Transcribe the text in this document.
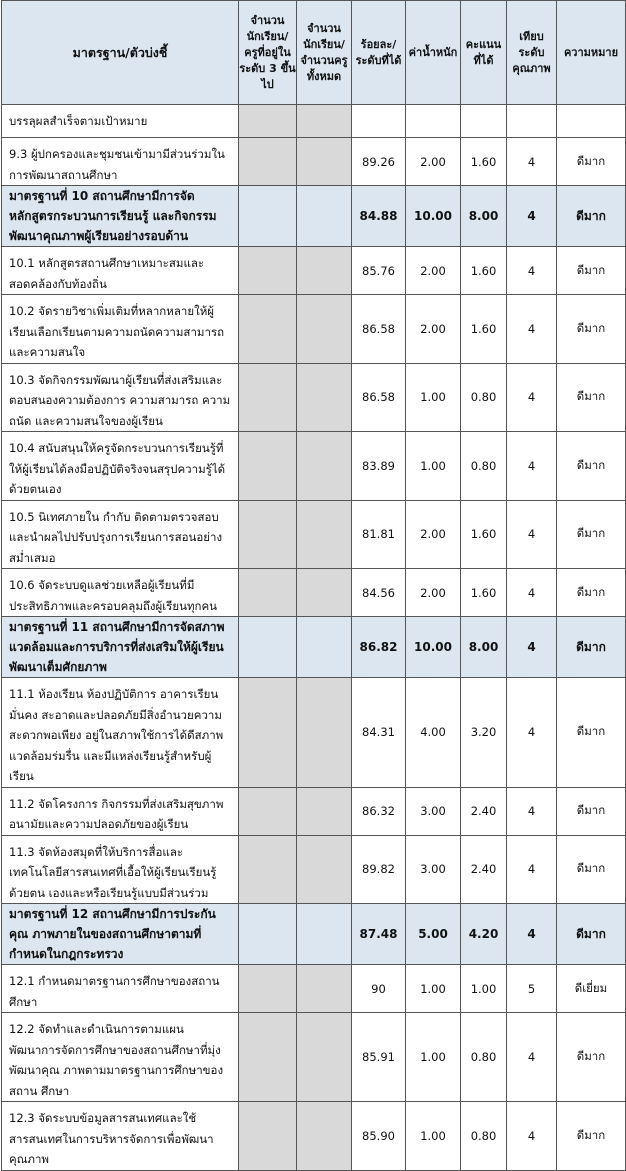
มาตรฐาน/ตัวบ่งชี้	จำนวน นักเรียน/ ครูที่อยู่ใน ระดับ 3 ขึ้นไป	จำนวน นักเรียน/ จำนวนครู ทั้งหมด	ร้อยละ/ ระดับที่ได้	ค่าน้ำหนัก	คะแนน ที่ได้	เทียบ ระดับ คุณภาพ	ความหมาย
บรรลุผลสำเร็จตามเป้าหมาย							
9.3 ผู้ปกครองและชุมชนเข้ามามีส่วนร่วมในการพัฒนาสถานศึกษา			89.26	2.00	1.60	4	ดีมาก
มาตรฐานที่ 10 สถานศึกษามีการจัดหลักสูตรกระบวนการเรียนรู้ และกิจกรรมพัฒนาคุณภาพผู้เรียนอย่างรอบด้าน			84.88	10.00	8.00	4	ดีมาก
10.1 หลักสูตรสถานศึกษาเหมาะสมและสอดคล้องกับท้องถิ่น			85.76	2.00	1.60	4	ดีมาก
10.2 จัดรายวิชาเพิ่มเติมที่หลากหลายให้ผู้เรียนเลือกเรียนตามความถนัดความสามารถและความสนใจ			86.58	2.00	1.60	4	ดีมาก
10.3 จัดกิจกรรมพัฒนาผู้เรียนที่ส่งเสริมและตอบสนองความต้องการ ความสามารถ ความถนัด และความสนใจของผู้เรียน			86.58	1.00	0.80	4	ดีมาก
10.4 สนับสนุนให้ครูจัดกระบวนการเรียนรู้ที่ให้ผู้เรียนได้ลงมือปฏิบัติจริงจนสรุปความรู้ได้ด้วยตนเอง			83.89	1.00	0.80	4	ดีมาก
10.5 นิเทศภายใน กำกับ ติดตามตรวจสอบและนำผลไปปรับปรุงการเรียนการสอนอย่างสม่ำเสมอ			81.81	2.00	1.60	4	ดีมาก
10.6 จัดระบบดูแลช่วยเหลือผู้เรียนที่มีประสิทธิภาพและครอบคลุมถึงผู้เรียนทุกคน			84.56	2.00	1.60	4	ดีมาก
มาตรฐานที่ 11 สถานศึกษามีการจัดสภาพแวดล้อมและการบริการที่ส่งเสริมให้ผู้เรียนพัฒนาเต็มศักยภาพ			86.82	10.00	8.00	4	ดีมาก
11.1 ห้องเรียน ห้องปฏิบัติการ อาคารเรียนมั่นคง สะอาดและปลอดภัยมีสิ่งอำนวยความสะดวกพอเพียง อยู่ในสภาพใช้การได้ดีสภาพแวดล้อมร่มรื่น และมีแหล่งเรียนรู้สำหรับผู้เรียน			84.31	4.00	3.20	4	ดีมาก
11.2 จัดโครงการ กิจกรรมที่ส่งเสริมสุขภาพอนามัยและความปลอดภัยของผู้เรียน			86.32	3.00	2.40	4	ดีมาก
11.3 จัดห้องสมุดที่ให้บริการสื่อและเทคโนโลยีสารสนเทศที่เอื้อให้ผู้เรียนเรียนรู้ด้วยตน เองและหรือเรียนรู้แบบมีส่วนร่วม			89.82	3.00	2.40	4	ดีมาก
มาตรฐานที่ 12 สถานศึกษามีการประกันคุณ ภาพภายในของสถานศึกษาตามที่กำหนดในกฎกระทรวง			87.48	5.00	4.20	4	ดีมาก
12.1 กำหนดมาตรฐานการศึกษาของสถานศึกษา			90	1.00	1.00	5	ดีเยี่ยม
12.2 จัดทำและดำเนินการตามแผนพัฒนาการจัดการศึกษาของสถานศึกษาที่มุ่งพัฒนาคุณ ภาพตามมาตรฐานการศึกษาของสถาน ศึกษา			85.91	1.00	0.80	4	ดีมาก
12.3 จัดระบบข้อมูลสารสนเทศและใช้สารสนเทศในการบริหารจัดการเพื่อพัฒนาคุณภาพ			85.90	1.00	0.80	4	ดีมาก
